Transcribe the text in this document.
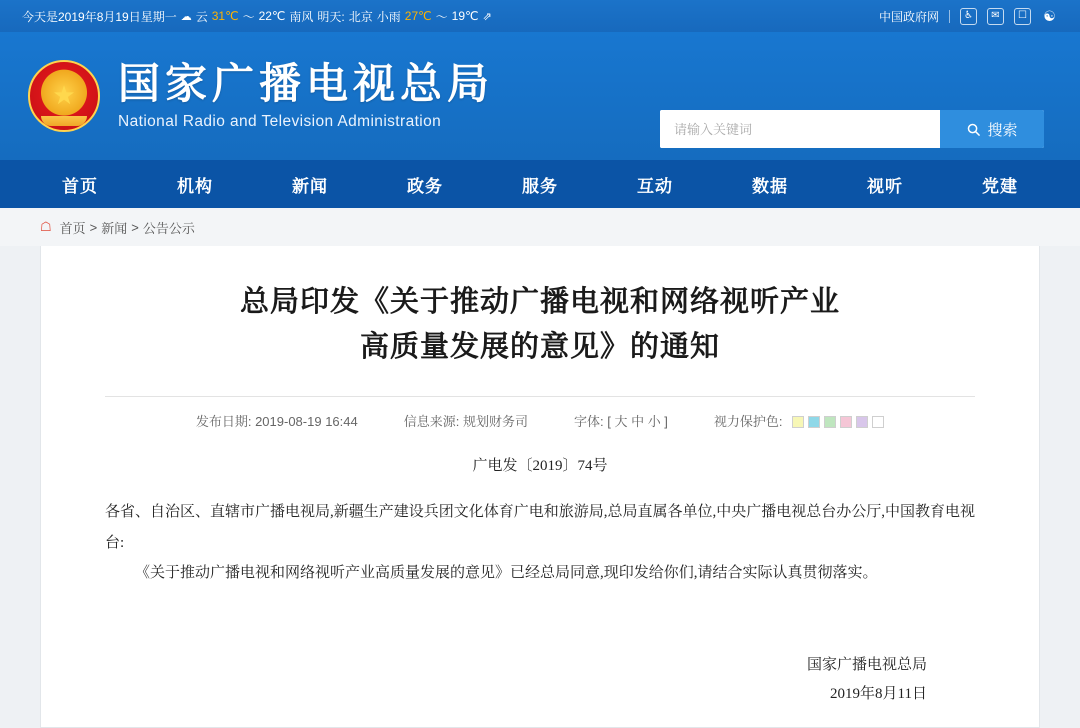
今天是2019年8月19日星期一 ☁ 云 31℃ ～ 22℃ 南风 明天: 北京 小雨 27℃ ～ 19℃ ⇗	中国政府网	♿	✉	☐ ☯
★
国家广播电视总局
National Radio and Television Administration
请输入关键词	搜索
首页	机构	新闻	政务	服务	互动	数据	视听	党建
☖ 首页 > 新闻 > 公告公示
总局印发《关于推动广播电视和网络视听产业
高质量发展的意见》的通知
发布日期: 2019-08-19 16:44	信息来源: 规划财务司	字体: [ 大 中 小 ]	视力保护色:
广电发〔2019〕74号

各省、自治区、直辖市广播电视局,新疆生产建设兵团文化体育广电和旅游局,总局直属各单位,中央广播电视总台办公厅,中国教育电视台:

《关于推动广播电视和网络视听产业高质量发展的意见》已经总局同意,现印发给你们,请结合实际认真贯彻落实。

国家广播电视总局
2019年8月11日
